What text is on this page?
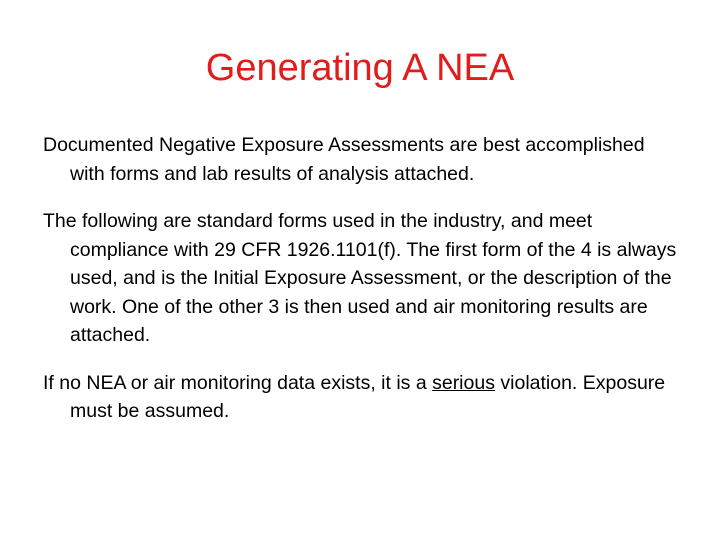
Generating A NEA

Documented Negative Exposure Assessments are best accomplished with forms and lab results of analysis attached.

The following are standard forms used in the industry, and meet compliance with 29 CFR 1926.1101(f). The first form of the 4 is always used, and is the Initial Exposure Assessment, or the description of the work. One of the other 3 is then used and air monitoring results are attached.

If no NEA or air monitoring data exists, it is a serious violation. Exposure must be assumed.
